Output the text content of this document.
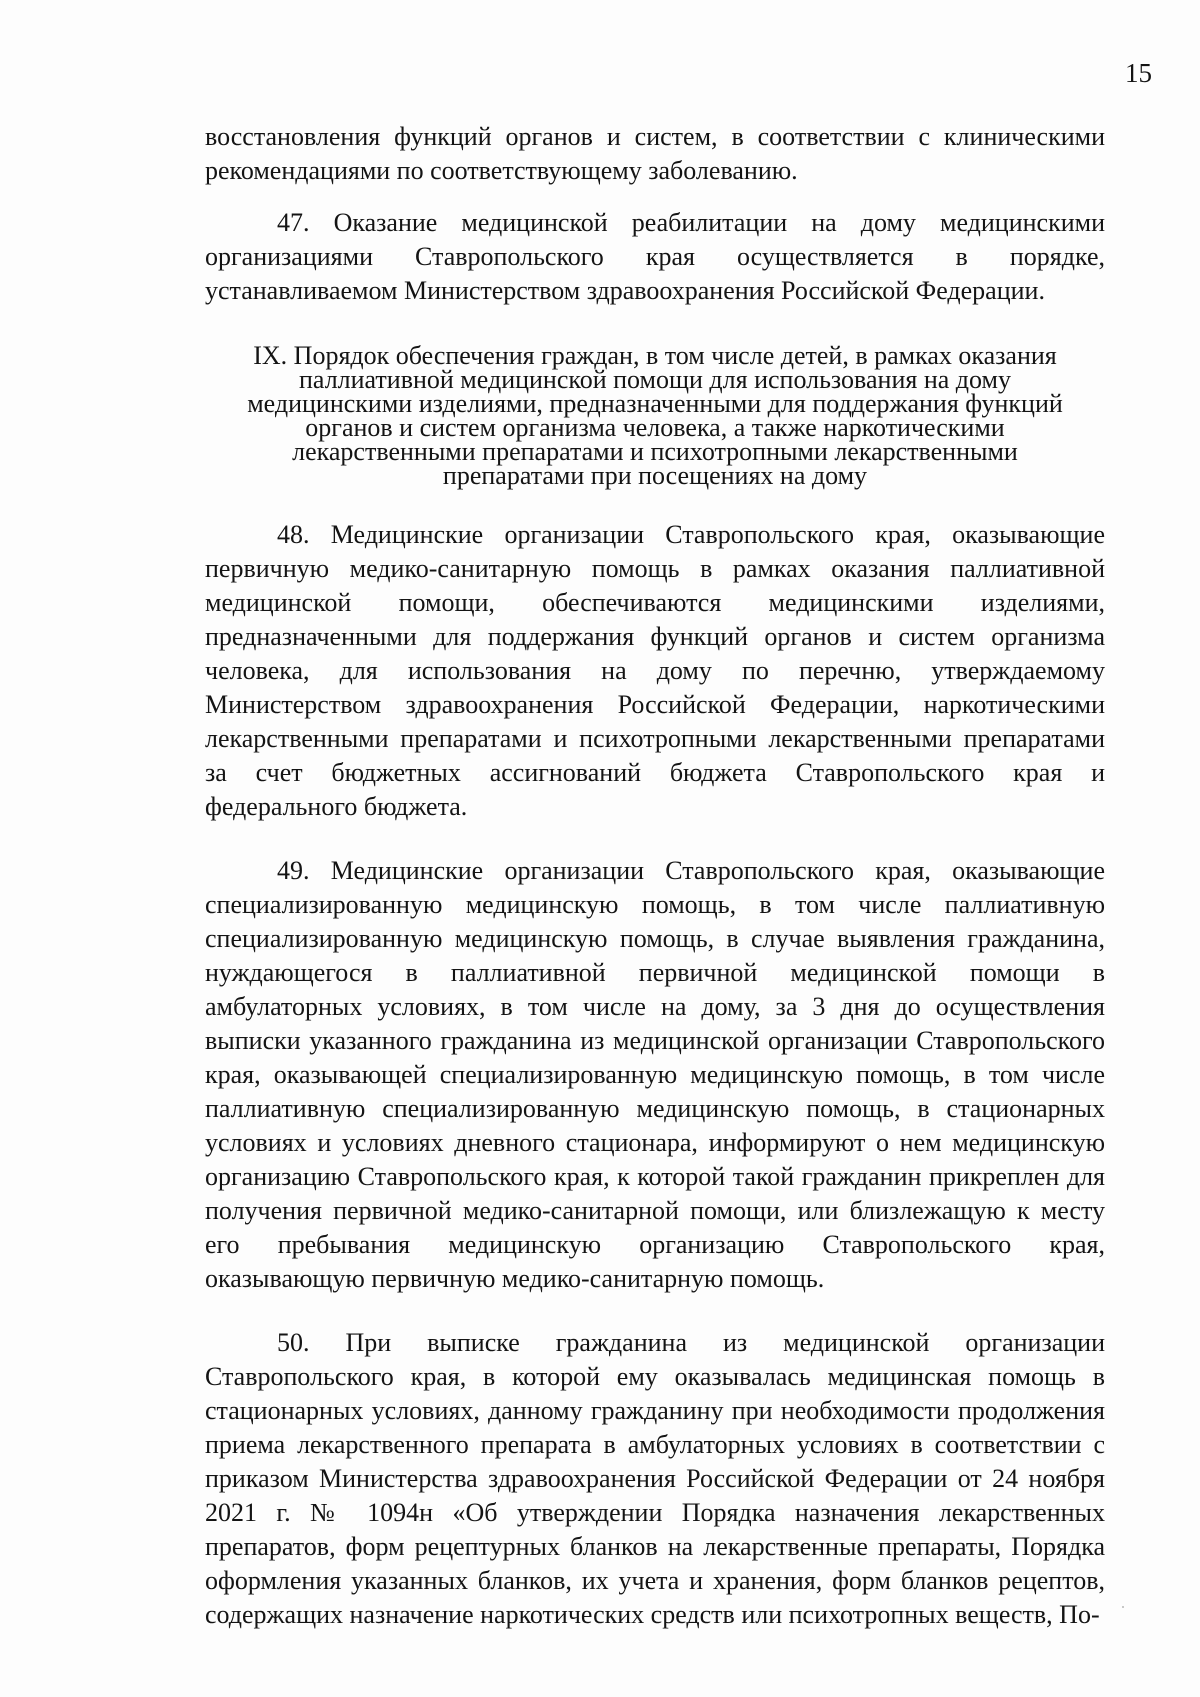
15

восстановления функций органов и систем, в соответствии с клиническими рекомендациями по соответствующему заболеванию.

47. Оказание медицинской реабилитации на дому медицинскими организациями Ставропольского края осуществляется в порядке, устанавливаемом Министерством здравоохранения Российской Федерации.

IX. Порядок обеспечения граждан, в том числе детей, в рамках оказания паллиативной медицинской помощи для использования на дому медицинскими изделиями, предназначенными для поддержания функций органов и систем организма человека, а также наркотическими лекарственными препаратами и психотропными лекарственными препаратами при посещениях на дому

48. Медицинские организации Ставропольского края, оказывающие первичную медико-санитарную помощь в рамках оказания паллиативной медицинской помощи, обеспечиваются медицинскими изделиями, предназначенными для поддержания функций органов и систем организма человека, для использования на дому по перечню, утверждаемому Министерством здравоохранения Российской Федерации, наркотическими лекарственными препаратами и психотропными лекарственными препаратами за счет бюджетных ассигнований бюджета Ставропольского края и федерального бюджета.

49. Медицинские организации Ставропольского края, оказывающие специализированную медицинскую помощь, в том числе паллиативную специализированную медицинскую помощь, в случае выявления гражданина, нуждающегося в паллиативной первичной медицинской помощи в амбулаторных условиях, в том числе на дому, за 3 дня до осуществления выписки указанного гражданина из медицинской организации Ставропольского края, оказывающей специализированную медицинскую помощь, в том числе паллиативную специализированную медицинскую помощь, в стационарных условиях и условиях дневного стационара, информируют о нем медицинскую организацию Ставропольского края, к которой такой гражданин прикреплен для получения первичной медико-санитарной помощи, или близлежащую к месту его пребывания медицинскую организацию Ставропольского края, оказывающую первичную медико-санитарную помощь.

50. При выписке гражданина из медицинской организации Ставропольского края, в которой ему оказывалась медицинская помощь в стационарных условиях, данному гражданину при необходимости продолжения приема лекарственного препарата в амбулаторных условиях в соответствии с приказом Министерства здравоохранения Российской Федерации от 24 ноября 2021 г. № 1094н «Об утверждении Порядка назначения лекарственных препаратов, форм рецептурных бланков на лекарственные препараты, Порядка оформления указанных бланков, их учета и хранения, форм бланков рецептов, содержащих назначение наркотических средств или психотропных веществ, По-
